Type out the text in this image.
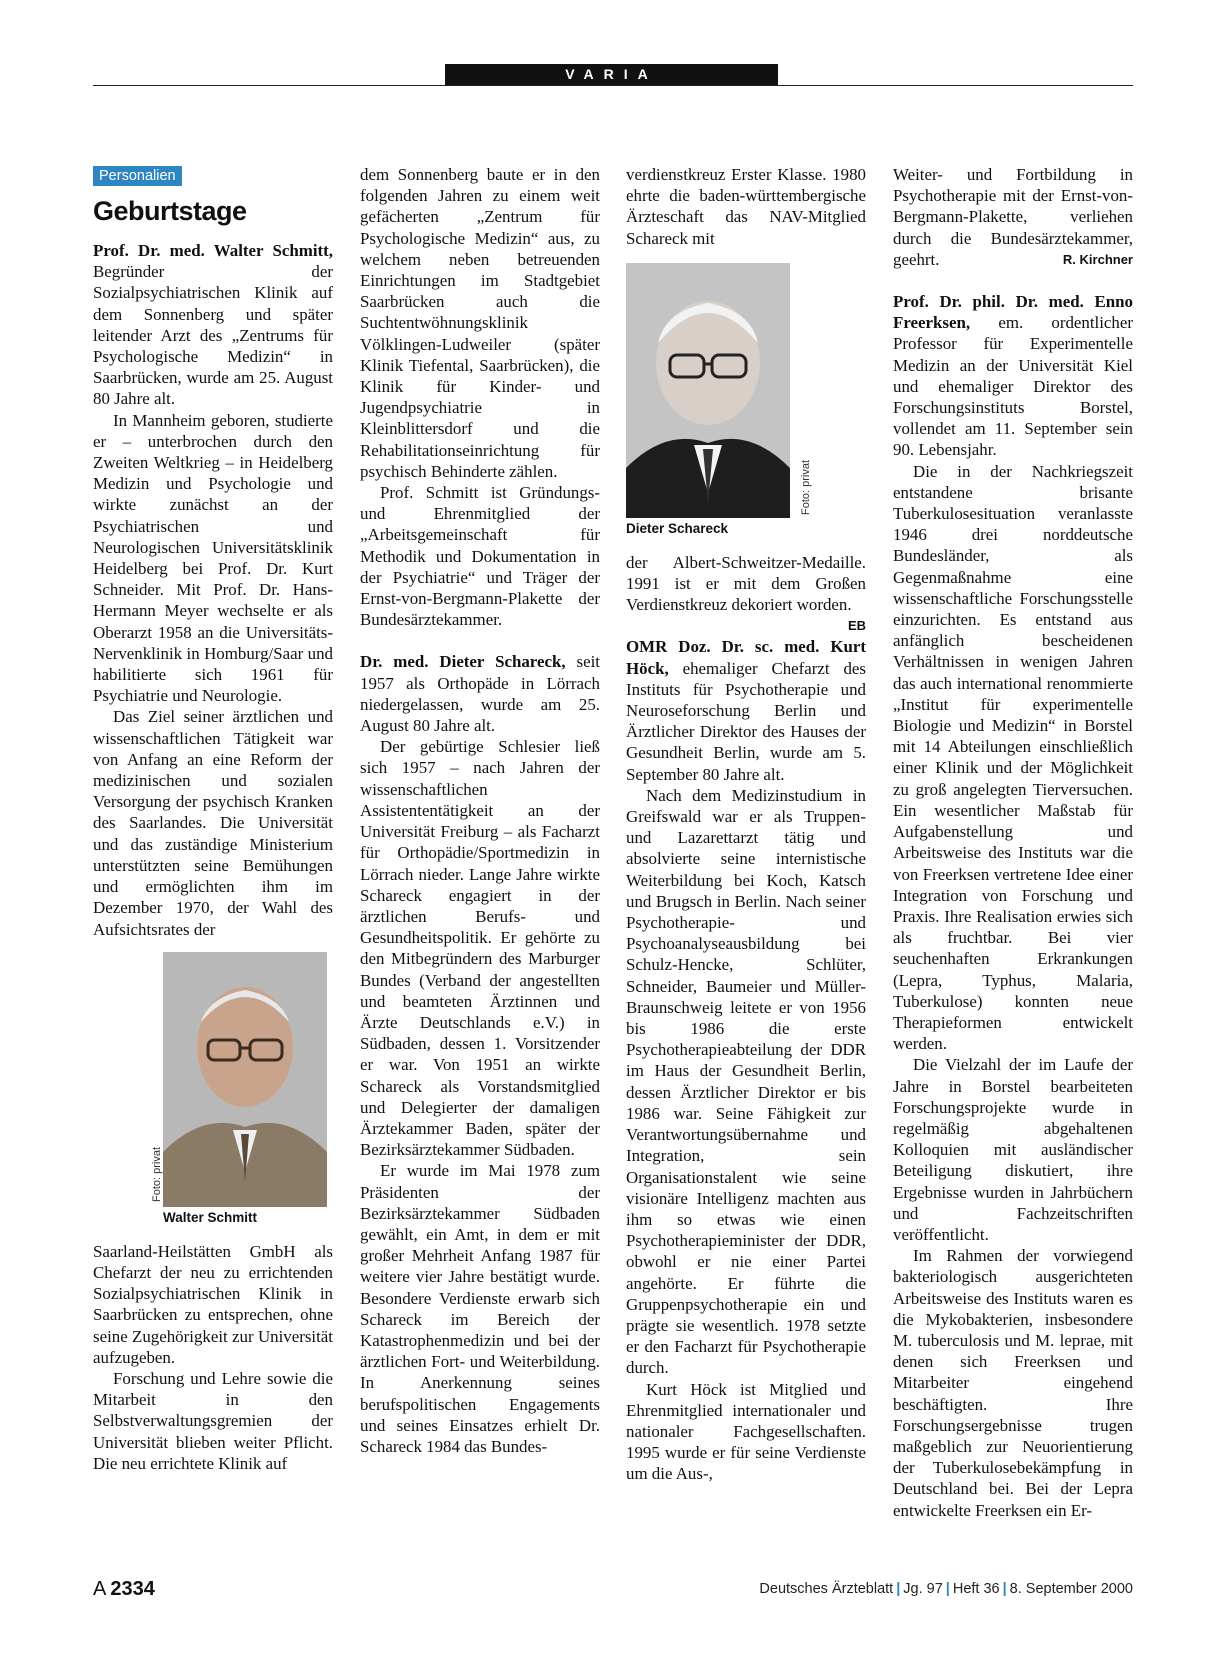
VARIA
Personalien
Geburtstage

Prof. Dr. med. Walter Schmitt, Begründer der Sozialpsychiatrischen Klinik auf dem Sonnenberg und später leitender Arzt des „Zentrums für Psychologische Medizin“ in Saarbrücken, wurde am 25. August 80 Jahre alt.

In Mannheim geboren, studierte er – unterbrochen durch den Zweiten Weltkrieg – in Heidelberg Medizin und Psychologie und wirkte zunächst an der Psychiatrischen und Neurologischen Universitätsklinik Heidelberg bei Prof. Dr. Kurt Schneider. Mit Prof. Dr. Hans-Hermann Meyer wechselte er als Oberarzt 1958 an die Universitäts-Nervenklinik in Homburg/Saar und habilitierte sich 1961 für Psychiatrie und Neurologie.

Das Ziel seiner ärztlichen und wissenschaftlichen Tätigkeit war von Anfang an eine Reform der medizinischen und sozialen Versorgung der psychisch Kranken des Saarlandes. Die Universität und das zuständige Ministerium unterstützten seine Bemühungen und ermöglichten ihm im Dezember 1970, der Wahl des Aufsichtsrates der

Foto: privat
Walter Schmitt

Saarland-Heilstätten GmbH als Chefarzt der neu zu errichtenden Sozialpsychiatrischen Klinik in Saarbrücken zu entsprechen, ohne seine Zugehörigkeit zur Universität aufzugeben.

Forschung und Lehre sowie die Mitarbeit in den Selbstverwaltungsgremien der Universität blieben weiter Pflicht. Die neu errichtete Klinik auf

dem Sonnenberg baute er in den folgenden Jahren zu einem weit gefächerten „Zentrum für Psychologische Medizin“ aus, zu welchem neben betreuenden Einrichtungen im Stadtgebiet Saarbrücken auch die Suchtentwöhnungsklinik Völklingen-Ludweiler (später Klinik Tiefental, Saarbrücken), die Klinik für Kinder- und Jugendpsychiatrie in Kleinblittersdorf und die Rehabilitationseinrichtung für psychisch Behinderte zählen.

Prof. Schmitt ist Gründungs- und Ehrenmitglied der „Arbeitsgemeinschaft für Methodik und Dokumentation in der Psychiatrie“ und Träger der Ernst-von-Bergmann-Plakette der Bundesärztekammer.

Dr. med. Dieter Schareck, seit 1957 als Orthopäde in Lörrach niedergelassen, wurde am 25. August 80 Jahre alt.

Der gebürtige Schlesier ließ sich 1957 – nach Jahren der wissenschaftlichen Assistententätigkeit an der Universität Freiburg – als Facharzt für Orthopädie/Sportmedizin in Lörrach nieder. Lange Jahre wirkte Schareck engagiert in der ärztlichen Berufs- und Gesundheitspolitik. Er gehörte zu den Mitbegründern des Marburger Bundes (Verband der angestellten und beamteten Ärztinnen und Ärzte Deutschlands e.V.) in Südbaden, dessen 1. Vorsitzender er war. Von 1951 an wirkte Schareck als Vorstandsmitglied und Delegierter der damaligen Ärztekammer Baden, später der Bezirksärztekammer Südbaden.

Er wurde im Mai 1978 zum Präsidenten der Bezirksärztekammer Südbaden gewählt, ein Amt, in dem er mit großer Mehrheit Anfang 1987 für weitere vier Jahre bestätigt wurde. Besondere Verdienste erwarb sich Schareck im Bereich der Katastrophenmedizin und bei der ärztlichen Fort- und Weiterbildung. In Anerkennung seines berufspolitischen Engagements und seines Einsatzes erhielt Dr. Schareck 1984 das Bundes-

verdienstkreuz Erster Klasse. 1980 ehrte die baden-württembergische Ärzteschaft das NAV-Mitglied Schareck mit

Foto: privat
Dieter Schareck

der Albert-Schweitzer-Medaille. 1991 ist er mit dem Großen Verdienstkreuz dekoriert worden.
EB

OMR Doz. Dr. sc. med. Kurt Höck, ehemaliger Chefarzt des Instituts für Psychotherapie und Neuroseforschung Berlin und Ärztlicher Direktor des Hauses der Gesundheit Berlin, wurde am 5. September 80 Jahre alt.

Nach dem Medizinstudium in Greifswald war er als Truppen- und Lazarettarzt tätig und absolvierte seine internistische Weiterbildung bei Koch, Katsch und Brugsch in Berlin. Nach seiner Psychotherapie- und Psychoanalyseausbildung bei Schulz-Hencke, Schlüter, Schneider, Baumeier und Müller-Braunschweig leitete er von 1956 bis 1986 die erste Psychotherapieabteilung der DDR im Haus der Gesundheit Berlin, dessen Ärztlicher Direktor er bis 1986 war. Seine Fähigkeit zur Verantwortungsübernahme und Integration, sein Organisationstalent wie seine visionäre Intelligenz machten aus ihm so etwas wie einen Psychotherapieminister der DDR, obwohl er nie einer Partei angehörte. Er führte die Gruppenpsychotherapie ein und prägte sie wesentlich. 1978 setzte er den Facharzt für Psychotherapie durch.

Kurt Höck ist Mitglied und Ehrenmitglied internationaler und nationaler Fachgesellschaften. 1995 wurde er für seine Verdienste um die Aus-,

Weiter- und Fortbildung in Psychotherapie mit der Ernst-von-Bergmann-Plakette, verliehen durch die Bundesärztekammer, geehrt.	R. Kirchner

Prof. Dr. phil. Dr. med. Enno Freerksen, em. ordentlicher Professor für Experimentelle Medizin an der Universität Kiel und ehemaliger Direktor des Forschungsinstituts Borstel, vollendet am 11. September sein 90. Lebensjahr.

Die in der Nachkriegszeit entstandene brisante Tuberkulosesituation veranlasste 1946 drei norddeutsche Bundesländer, als Gegenmaßnahme eine wissenschaftliche Forschungsstelle einzurichten. Es entstand aus anfänglich bescheidenen Verhältnissen in wenigen Jahren das auch international renommierte „Institut für experimentelle Biologie und Medizin“ in Borstel mit 14 Abteilungen einschließlich einer Klinik und der Möglichkeit zu groß angelegten Tierversuchen. Ein wesentlicher Maßstab für Aufgabenstellung und Arbeitsweise des Instituts war die von Freerksen vertretene Idee einer Integration von Forschung und Praxis. Ihre Realisation erwies sich als fruchtbar. Bei vier seuchenhaften Erkrankungen (Lepra, Typhus, Malaria, Tuberkulose) konnten neue Therapieformen entwickelt werden.

Die Vielzahl der im Laufe der Jahre in Borstel bearbeiteten Forschungsprojekte wurde in regelmäßig abgehaltenen Kolloquien mit ausländischer Beteiligung diskutiert, ihre Ergebnisse wurden in Jahrbüchern und Fachzeitschriften veröffentlicht.

Im Rahmen der vorwiegend bakteriologisch ausgerichteten Arbeitsweise des Instituts waren es die Mykobakterien, insbesondere M. tuberculosis und M. leprae, mit denen sich Freerksen und Mitarbeiter eingehend beschäftigten. Ihre Forschungsergebnisse trugen maßgeblich zur Neuorientierung der Tuberkulosebekämpfung in Deutschland bei. Bei der Lepra entwickelte Freerksen ein Er-

A 2334	Deutsches Ärzteblatt | Jg. 97 | Heft 36 | 8. September 2000
